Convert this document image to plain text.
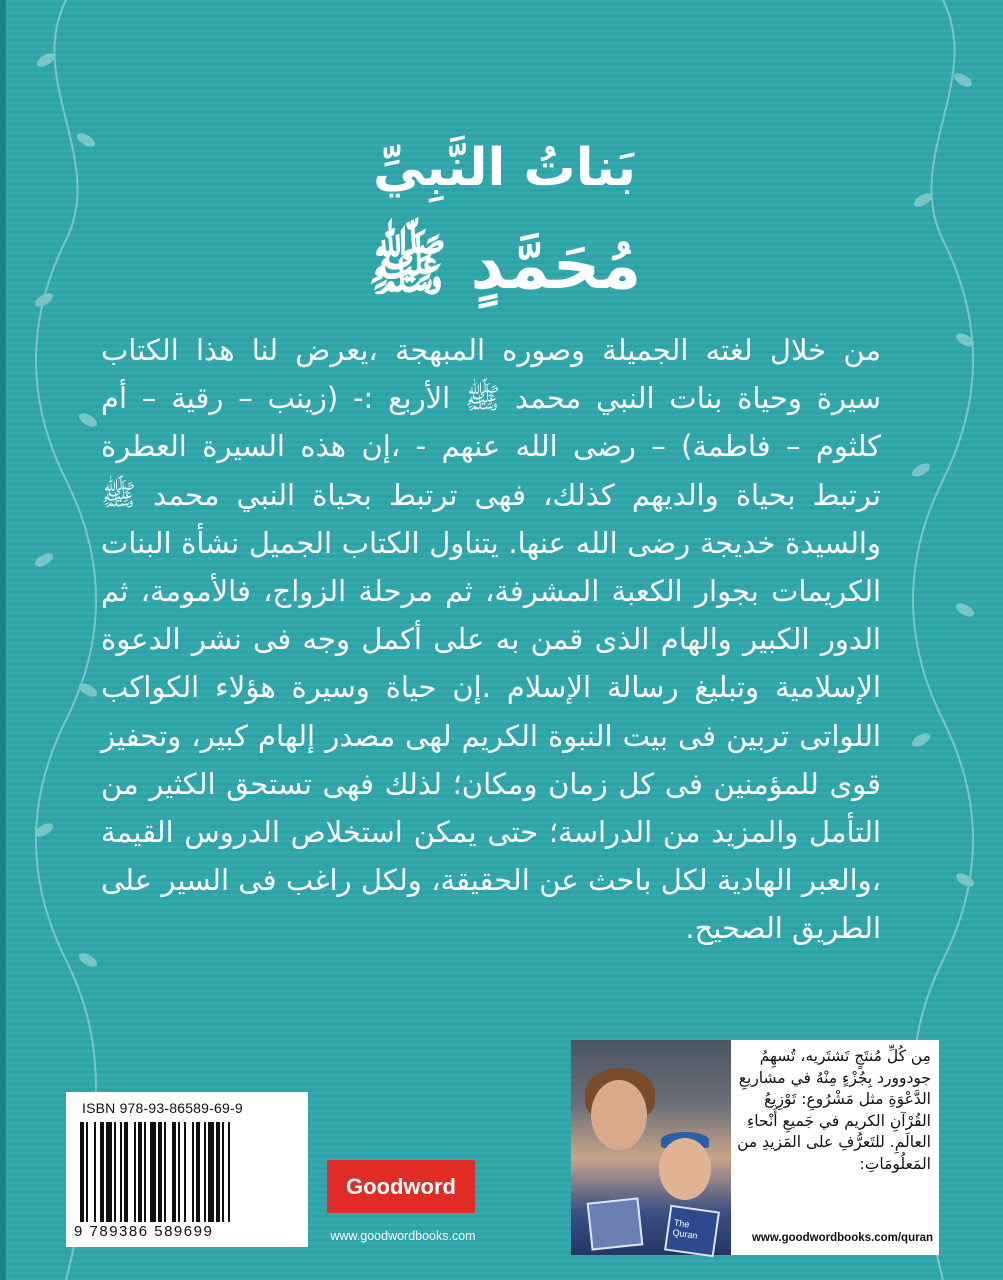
بَناتُ النَّبِيِّ
مُحَمَّدٍ ﷺ

من خلال لغته الجميلة وصوره المبهجة ،يعرض لنا هذا الكتاب سيرة وحياة بنات النبي محمد ﷺ الأربع :- (زينب – رقية – أم كلثوم – فاطمة) – رضى الله عنهم - ،إن هذه السيرة العطرة ترتبط بحياة والديهم كذلك، فهى ترتبط بحياة النبي محمد ﷺ والسيدة خديجة رضى الله عنها. يتناول الكتاب الجميل نشأة البنات الكريمات بجوار الكعبة المشرفة، ثم مرحلة الزواج، فالأمومة، ثم الدور الكبير والهام الذى قمن به على أكمل وجه فى نشر الدعوة الإسلامية وتبليغ رسالة الإسلام .إن حياة وسيرة هؤلاء الكواكب اللواتى تربين فى بيت النبوة الكريم لهى مصدر إلهام كبير، وتحفيز قوى للمؤمنين فى كل زمان ومكان؛ لذلك فهى تستحق الكثير من التأمل والمزيد من الدراسة؛ حتى يمكن استخلاص الدروس القيمة ،والعبر الهادية لكل باحث عن الحقيقة، ولكل راغب فى السير على الطريق الصحيح.

ISBN 978-93-86589-69-9
9 789386 589699
Goodword
www.goodwordbooks.com
The Quran
مِن كُلِّ مُنتَجٍ تَشتَريه، تُسهِمُ جودوورد بِجُزْءٍ مِنْهُ في مشاريعِ الدَّعْوَةِ مثل مَشْرُوعِ: تَوْزِيعُ القُرْآنِ الكريم في جَميعِ أَنْحاءِ العالَمِ. للتَعرُّفِ على المَزيدِ من المَعلُومَاتِ:
www.goodwordbooks.com/quran
